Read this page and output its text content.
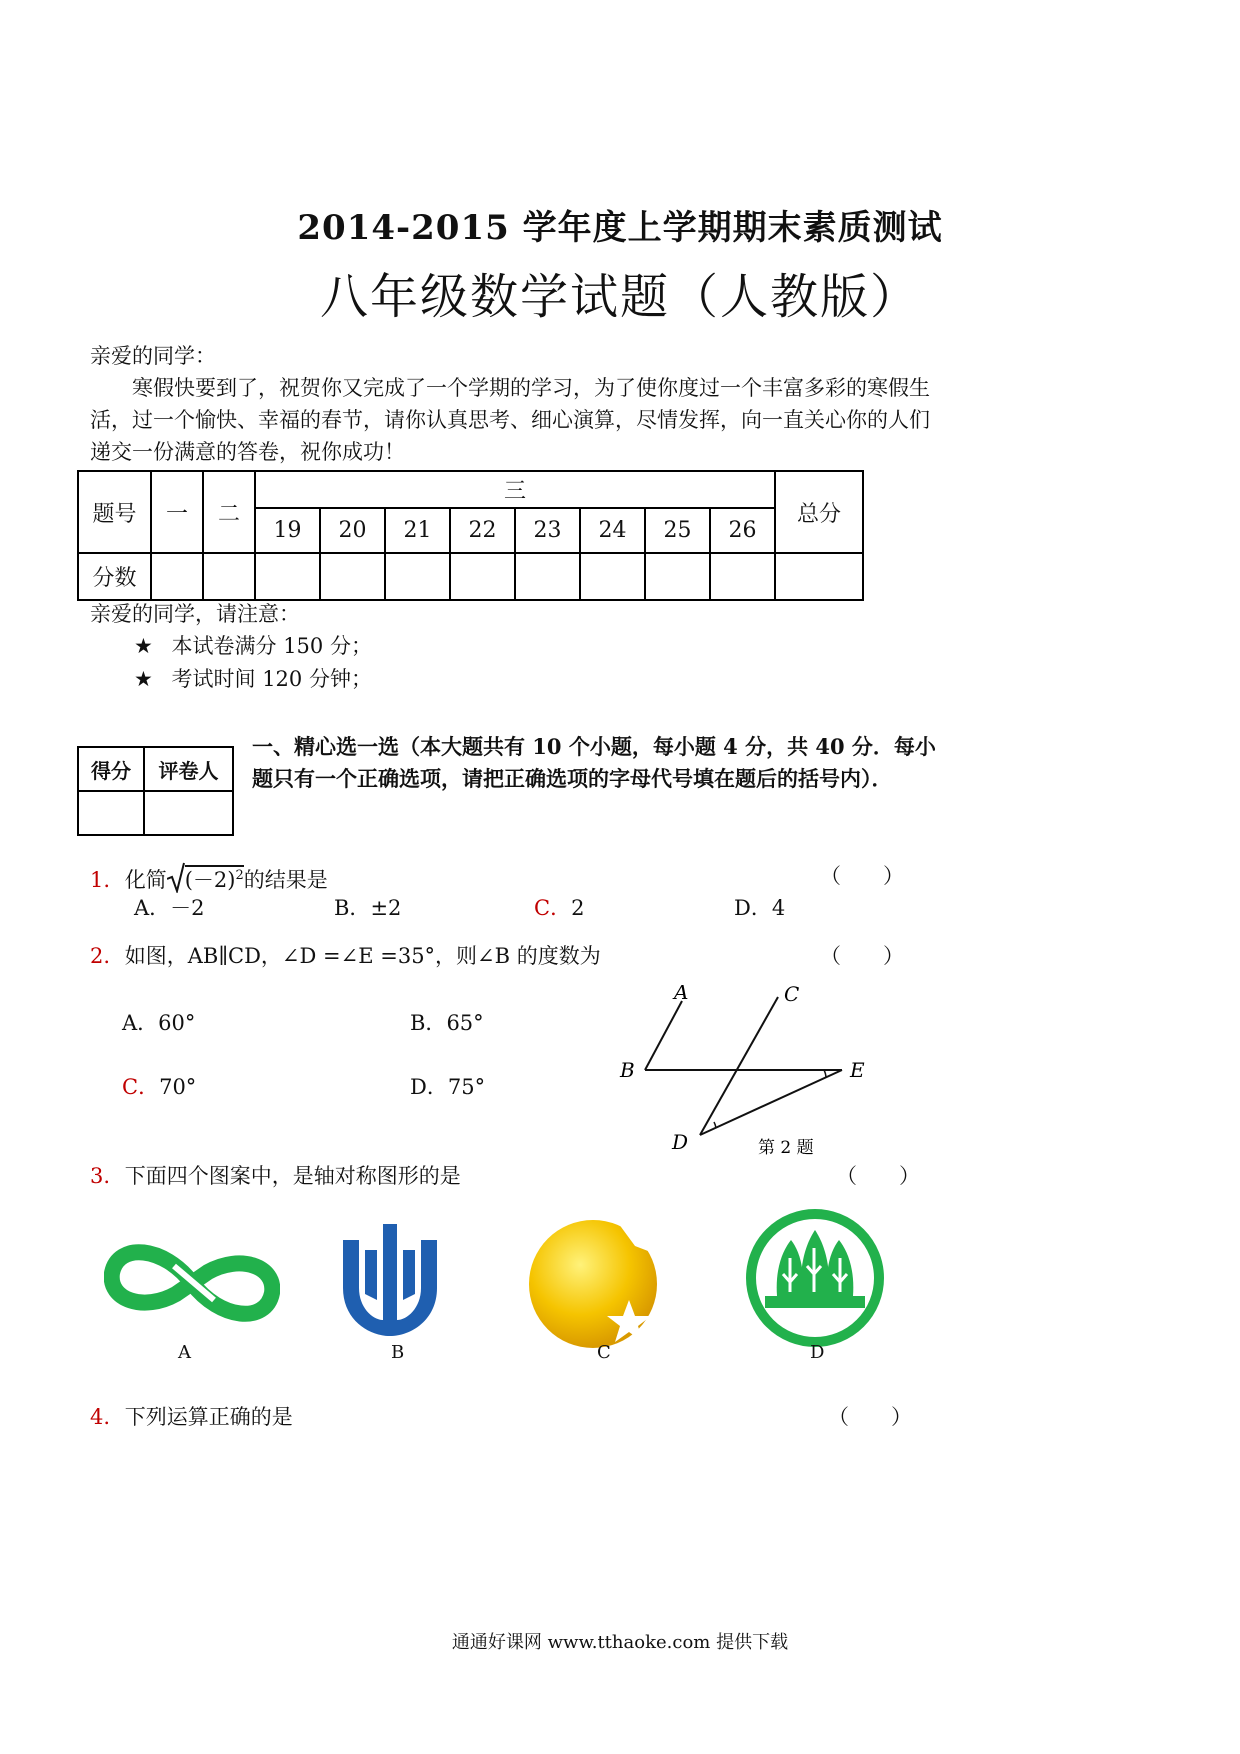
2014-2015 学年度上学期期末素质测试
八年级数学试题（人教版）
亲爱的同学：
寒假快要到了，祝贺你又完成了一个学期的学习，为了使你度过一个丰富多彩的寒假生活，过一个愉快、幸福的春节，请你认真思考、细心演算，尽情发挥，向一直关心你的人们递交一份满意的答卷，祝你成功！
题号	一	二	三								总分
			19	20	21	22	23	24	25	26	
分数											
亲爱的同学，请注意：
★ 本试卷满分 150 分；
★ 考试时间 120 分钟；
得分	评卷人

一、精心选一选（本大题共有 10 个小题，每小题 4 分，共 40 分．每小题只有一个正确选项，请把正确选项的字母代号填在题后的括号内）．
1. 化简 $(-2)^2$的结果是	（　　）
A．－2	B．±2	C．2	D．4
2. 如图，AB∥CD，∠D =∠E =35°，则∠B 的度数为	（　　）
A．60°	B．65°
C．70°	D．75°
A
B
C
D
E
第 2 题
3. 下面四个图案中，是轴对称图形的是	（　　）
A	B	C	D
4. 下列运算正确的是	（　　）
通通好课网 www.tthaoke.com 提供下载
